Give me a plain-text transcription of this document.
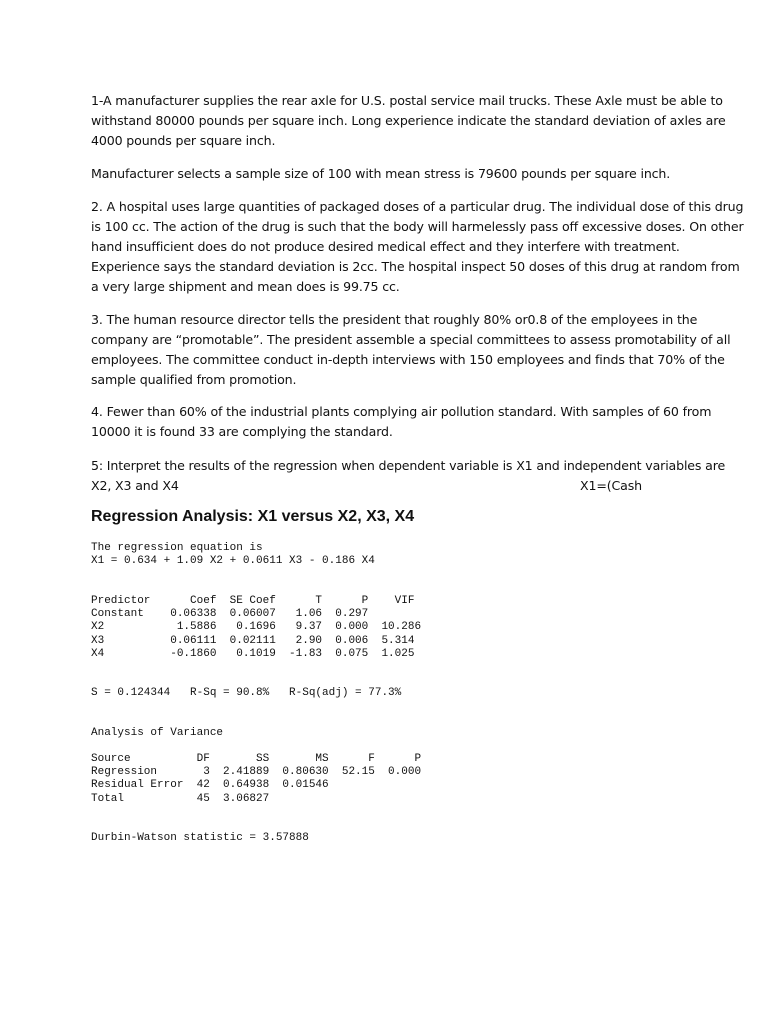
1-A manufacturer supplies the rear axle for U.S. postal service mail trucks. These Axle must be able to
withstand 80000 pounds per square inch. Long experience indicate the standard deviation of axles are
4000 pounds per square inch.
Manufacturer selects a sample size of 100 with mean stress is 79600 pounds per square inch.
2. A hospital uses large quantities of packaged doses of a particular drug. The individual dose of this drug
is 100 cc. The action of the drug is such that the body will harmelessly pass off excessive doses. On other
hand insufficient does do not produce desired medical effect and they interfere with treatment.
Experience says the standard deviation is 2cc. The hospital inspect 50 doses of this drug at random from
a very large shipment and mean does is 99.75 cc.
3. The human resource director tells the president that roughly 80% or0.8 of the employees in the
company are “promotable”. The president assemble a special committees to assess promotability of all
employees. The committee conduct in-depth interviews with 150 employees and finds that 70% of the
sample qualified from promotion.
4. Fewer than 60% of the industrial plants complying air pollution standard. With samples of 60 from
10000 it is found 33 are complying the standard.
5: Interpret the results of the regression when dependent variable is X1 and independent variables are
X2, X3 and X4	X1=(Cash
Regression Analysis: X1 versus X2, X3, X4
The regression equation is
X1 = 0.634 + 1.09 X2 + 0.0611 X3 - 0.186 X4
Predictor      Coef  SE Coef      T      P    VIF
Constant    0.06338  0.06007   1.06  0.297
X2           1.5886   0.1696   9.37  0.000  10.286
X3          0.06111  0.02111   2.90  0.006  5.314
X4          -0.1860   0.1019  -1.83  0.075  1.025
S = 0.124344   R-Sq = 90.8%   R-Sq(adj) = 77.3%
Analysis of Variance
Source          DF       SS       MS      F      P
Regression       3  2.41889  0.80630  52.15  0.000
Residual Error  42  0.64938  0.01546
Total           45  3.06827
Durbin-Watson statistic = 3.57888
